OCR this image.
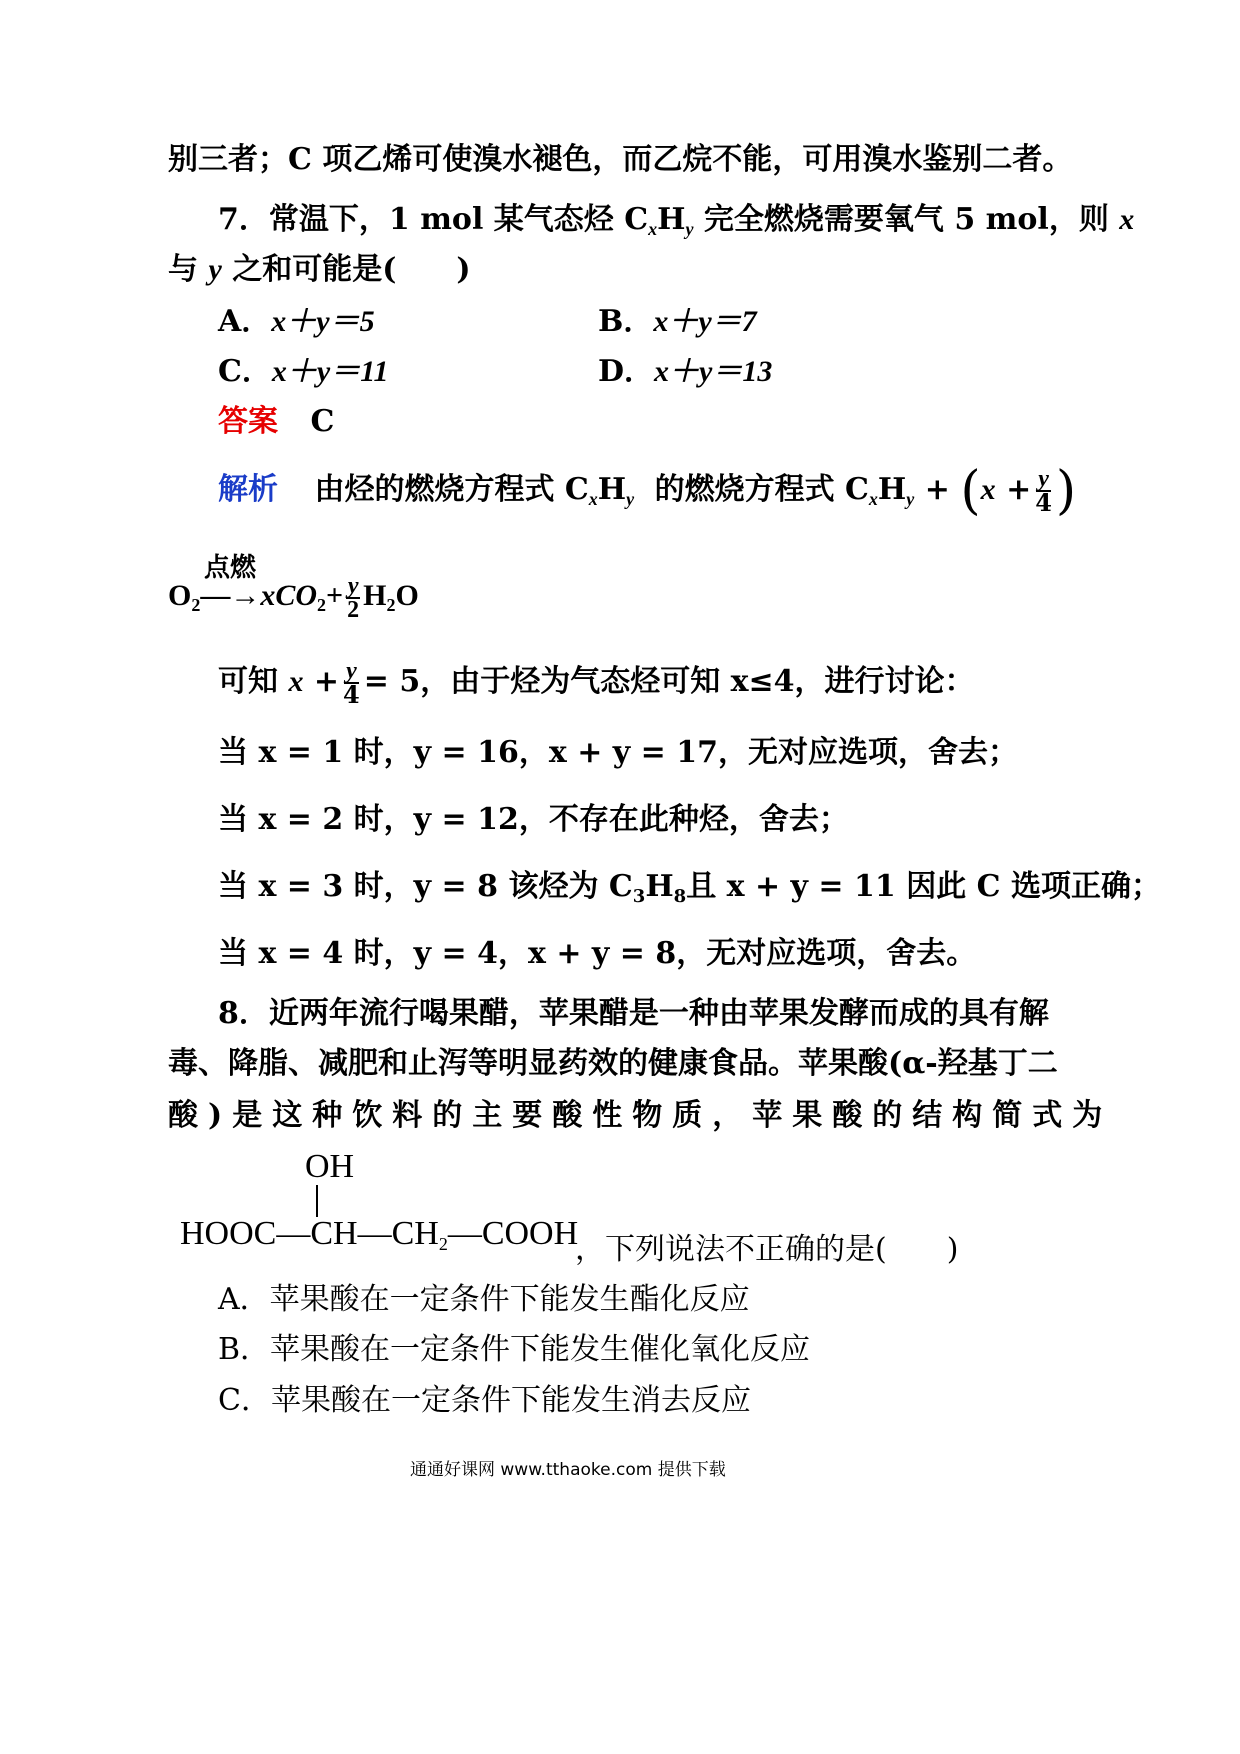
别三者；C 项乙烯可使溴水褪色，而乙烷不能，可用溴水鉴别二者。
7．常温下，1 mol 某气态烃 $C_xH_y$ 完全燃烧需要氧气 5 mol，则 x
与 y 之和可能是(　　)
A．x＋y＝5	B．x＋y＝7
C．x＋y＝11	D．x＋y＝13
答案 C
解析 由烃的燃烧方程式 $C_xH_y$ 的燃烧方程式 $C_xH_y + (x + \frac{y}{4}$ )
点燃
$O_2—\to xCO_2+ \frac{y}{2} H_2O$
可知 $x + \frac{y}{4} = 5$，由于烃为气态烃可知 x≤4，进行讨论：
当 x = 1 时，y = 16，x + y = 17，无对应选项，舍去；
当 x = 2 时，y = 12，不存在此种烃，舍去；
当 x = 3 时，y = 8 该烃为 $C_3H_8$且 x + y = 11 因此 C 选项正确；
当 x = 4 时，y = 4，x + y = 8，无对应选项，舍去。
8．近两年流行喝果醋，苹果醋是一种由苹果发酵而成的具有解
毒、降脂、减肥和止泻等明显药效的健康食品。苹果酸(α-羟基丁二
酸)是这种饮料的主要酸性物质，苹果酸的结构简式为
OH
$HOOC—CH—CH_2—COOH$
，下列说法不正确的是(　　)
A．苹果酸在一定条件下能发生酯化反应
B．苹果酸在一定条件下能发生催化氧化反应
C．苹果酸在一定条件下能发生消去反应
通通好课网 www.tthaoke.com 提供下载
